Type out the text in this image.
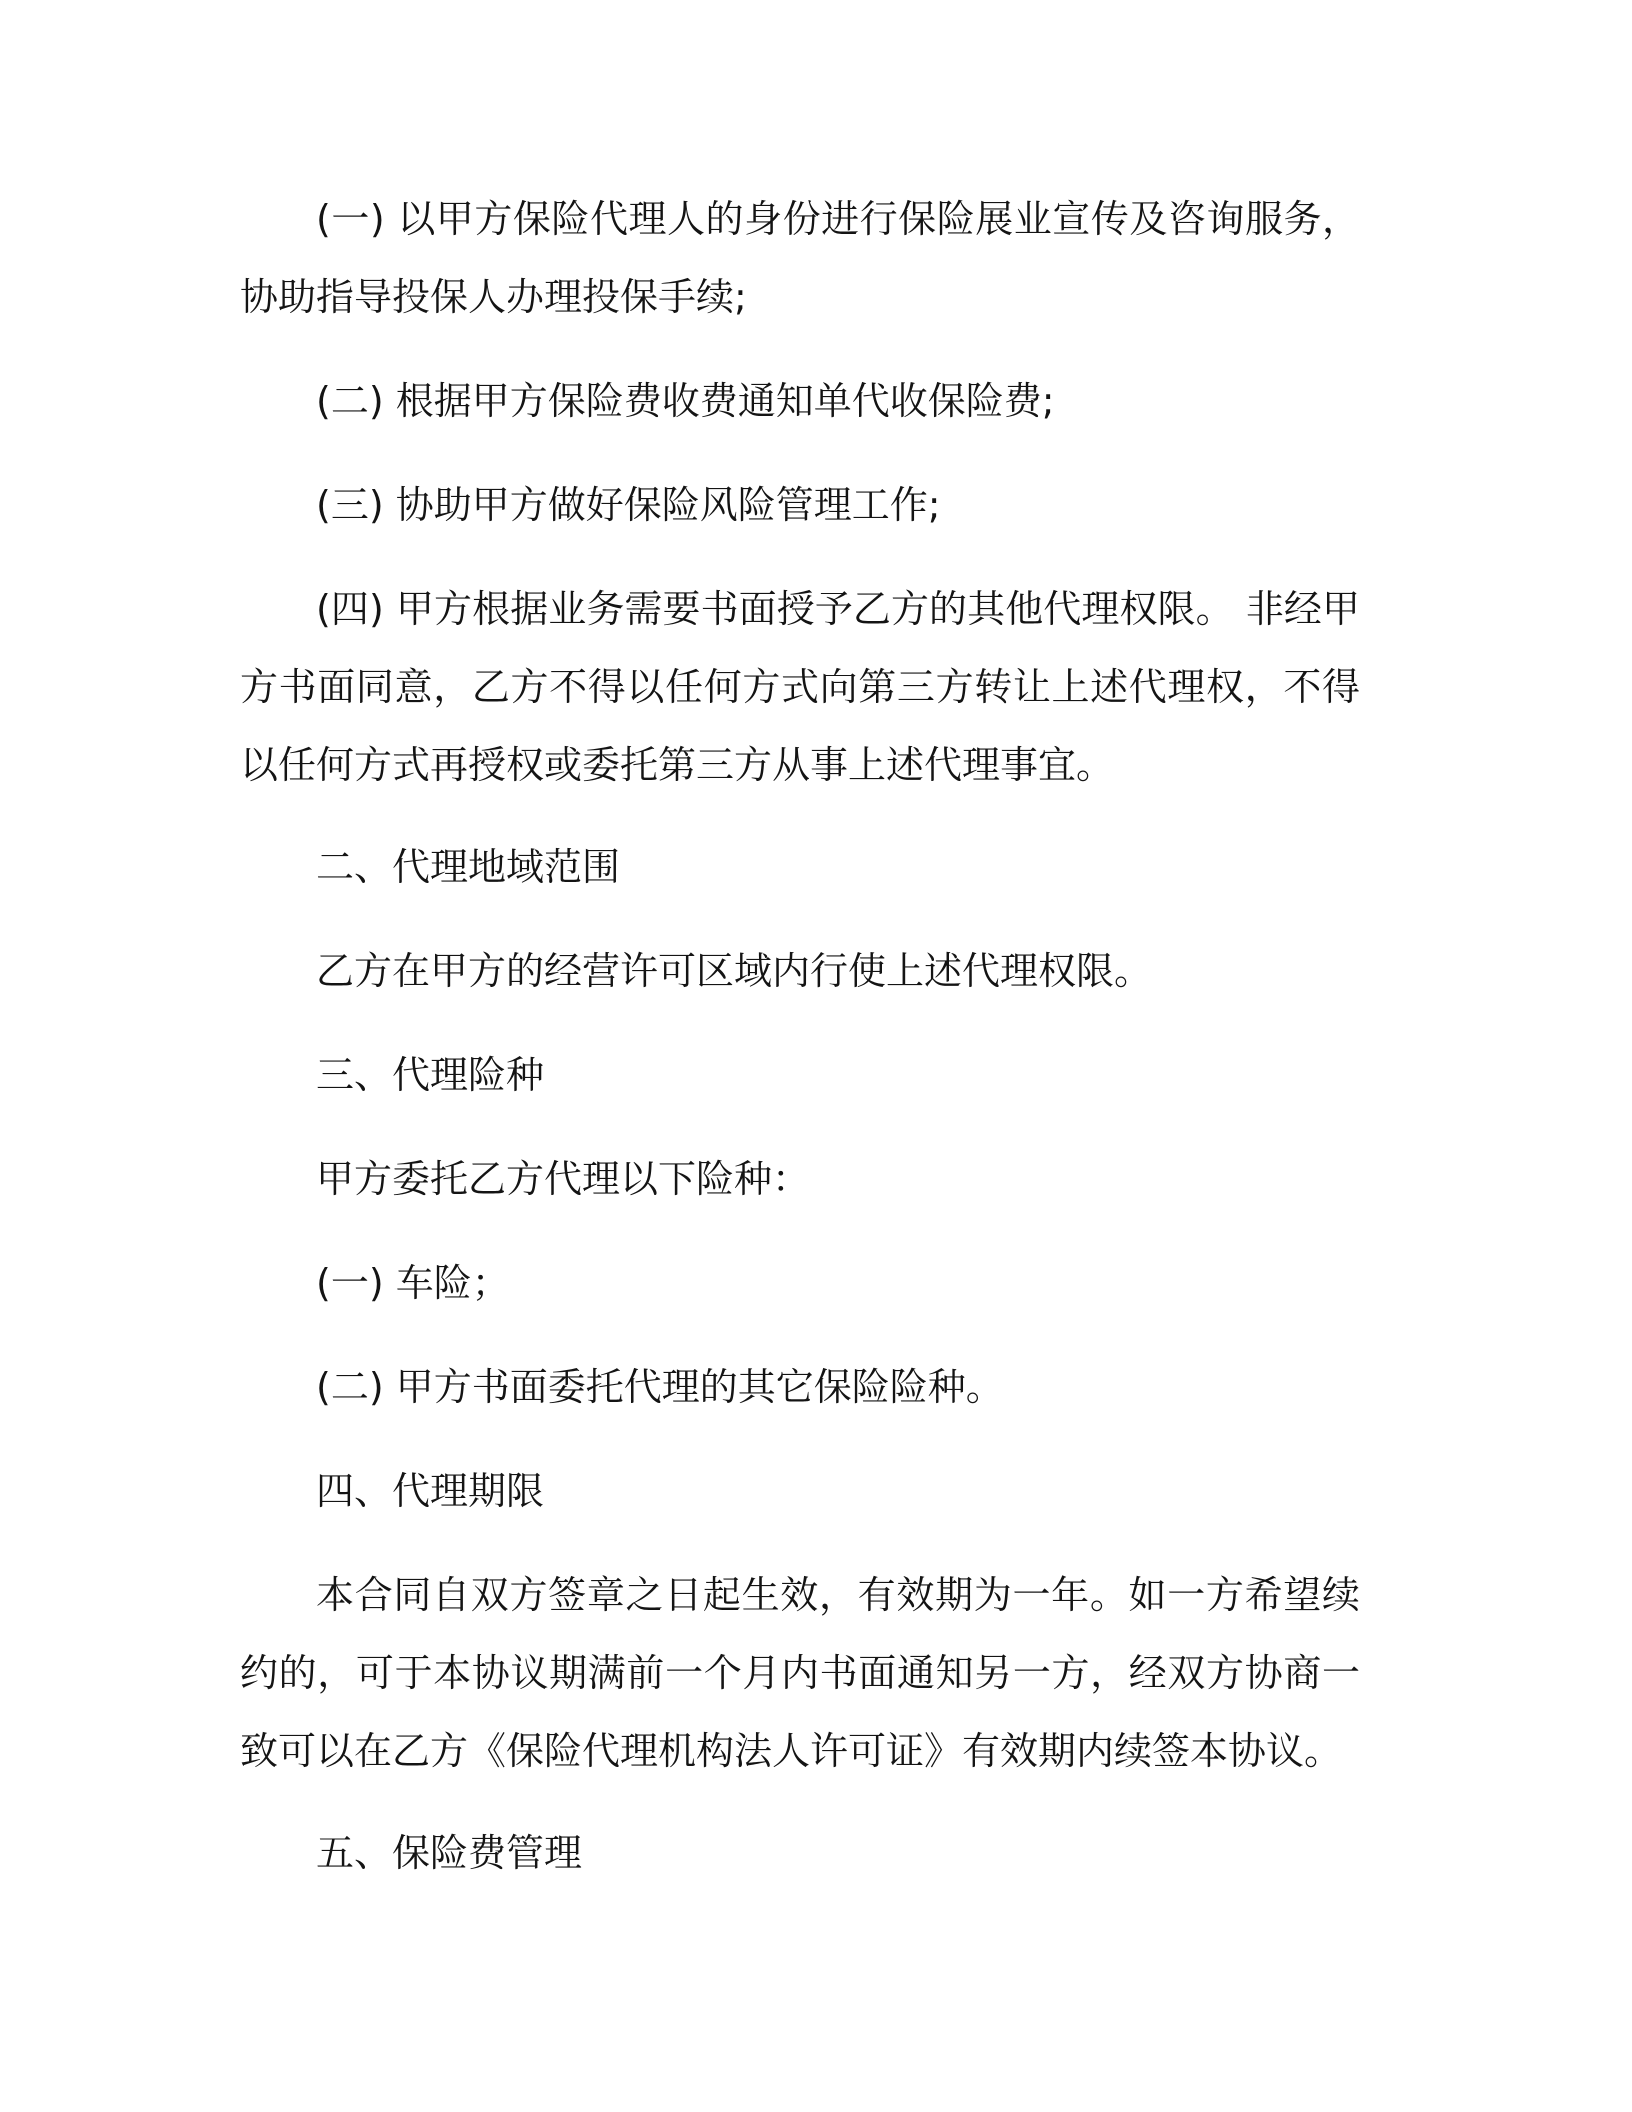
(一) 以甲方保险代理人的身份进行保险展业宣传及咨询服务，协助指导投保人办理投保手续;

(二) 根据甲方保险费收费通知单代收保险费;

(三) 协助甲方做好保险风险管理工作;

(四) 甲方根据业务需要书面授予乙方的其他代理权限。 非经甲方书面同意，乙方不得以任何方式向第三方转让上述代理权，不得以任何方式再授权或委托第三方从事上述代理事宜。

二、代理地域范围

乙方在甲方的经营许可区域内行使上述代理权限。

三、代理险种

甲方委托乙方代理以下险种：

(一) 车险；

(二) 甲方书面委托代理的其它保险险种。

四、代理期限

本合同自双方签章之日起生效，有效期为一年。如一方希望续约的，可于本协议期满前一个月内书面通知另一方，经双方协商一致可以在乙方《保险代理机构法人许可证》有效期内续签本协议。

五、保险费管理
